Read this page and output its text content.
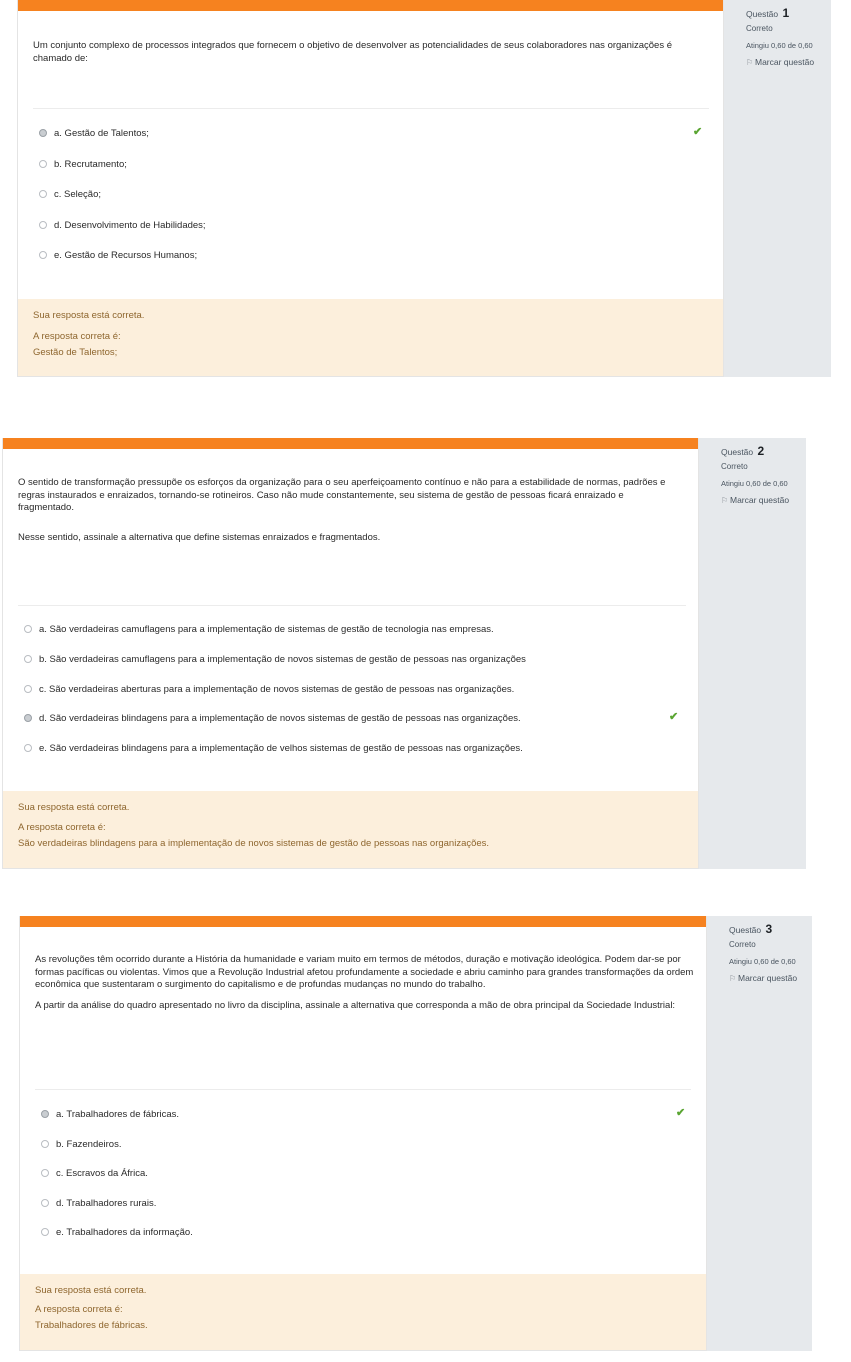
Um conjunto complexo de processos integrados que fornecem o objetivo de desenvolver as potencialidades de seus colaboradores nas organizações é chamado de:

a. Gestão de Talentos;
b. Recrutamento;
c. Seleção;
d. Desenvolvimento de Habilidades;
e. Gestão de Recursos Humanos;
✔
Sua resposta está correta.
A resposta correta é:
Gestão de Talentos;
Questão 1
Correto
Atingiu 0,60 de 0,60
⚐ Marcar questão

O sentido de transformação pressupõe os esforços da organização para o seu aperfeiçoamento contínuo e não para a estabilidade de normas, padrões e regras instaurados e enraizados, tornando-se rotineiros. Caso não mude constantemente, seu sistema de gestão de pessoas ficará enraizado e fragmentado.

Nesse sentido, assinale a alternativa que define sistemas enraizados e fragmentados.

a. São verdadeiras camuflagens para a implementação de sistemas de gestão de tecnologia nas empresas.
b. São verdadeiras camuflagens para a implementação de novos sistemas de gestão de pessoas nas organizações
c. São verdadeiras aberturas para a implementação de novos sistemas de gestão de pessoas nas organizações.
d. São verdadeiras blindagens para a implementação de novos sistemas de gestão de pessoas nas organizações.
e. São verdadeiras blindagens para a implementação de velhos sistemas de gestão de pessoas nas organizações.
✔
Sua resposta está correta.
A resposta correta é:
São verdadeiras blindagens para a implementação de novos sistemas de gestão de pessoas nas organizações.
Questão 2
Correto
Atingiu 0,60 de 0,60
⚐ Marcar questão

As revoluções têm ocorrido durante a História da humanidade e variam muito em termos de métodos, duração e motivação ideológica. Podem dar-se por formas pacíficas ou violentas. Vimos que a Revolução Industrial afetou profundamente a sociedade e abriu caminho para grandes transformações da ordem econômica que sustentaram o surgimento do capitalismo e de profundas mudanças no mundo do trabalho.

A partir da análise do quadro apresentado no livro da disciplina, assinale a alternativa que corresponda a mão de obra principal da Sociedade Industrial:

a. Trabalhadores de fábricas.
b. Fazendeiros.
c. Escravos da África.
d. Trabalhadores rurais.
e. Trabalhadores da informação.
✔
Sua resposta está correta.
A resposta correta é:
Trabalhadores de fábricas.
Questão 3
Correto
Atingiu 0,60 de 0,60
⚐ Marcar questão
